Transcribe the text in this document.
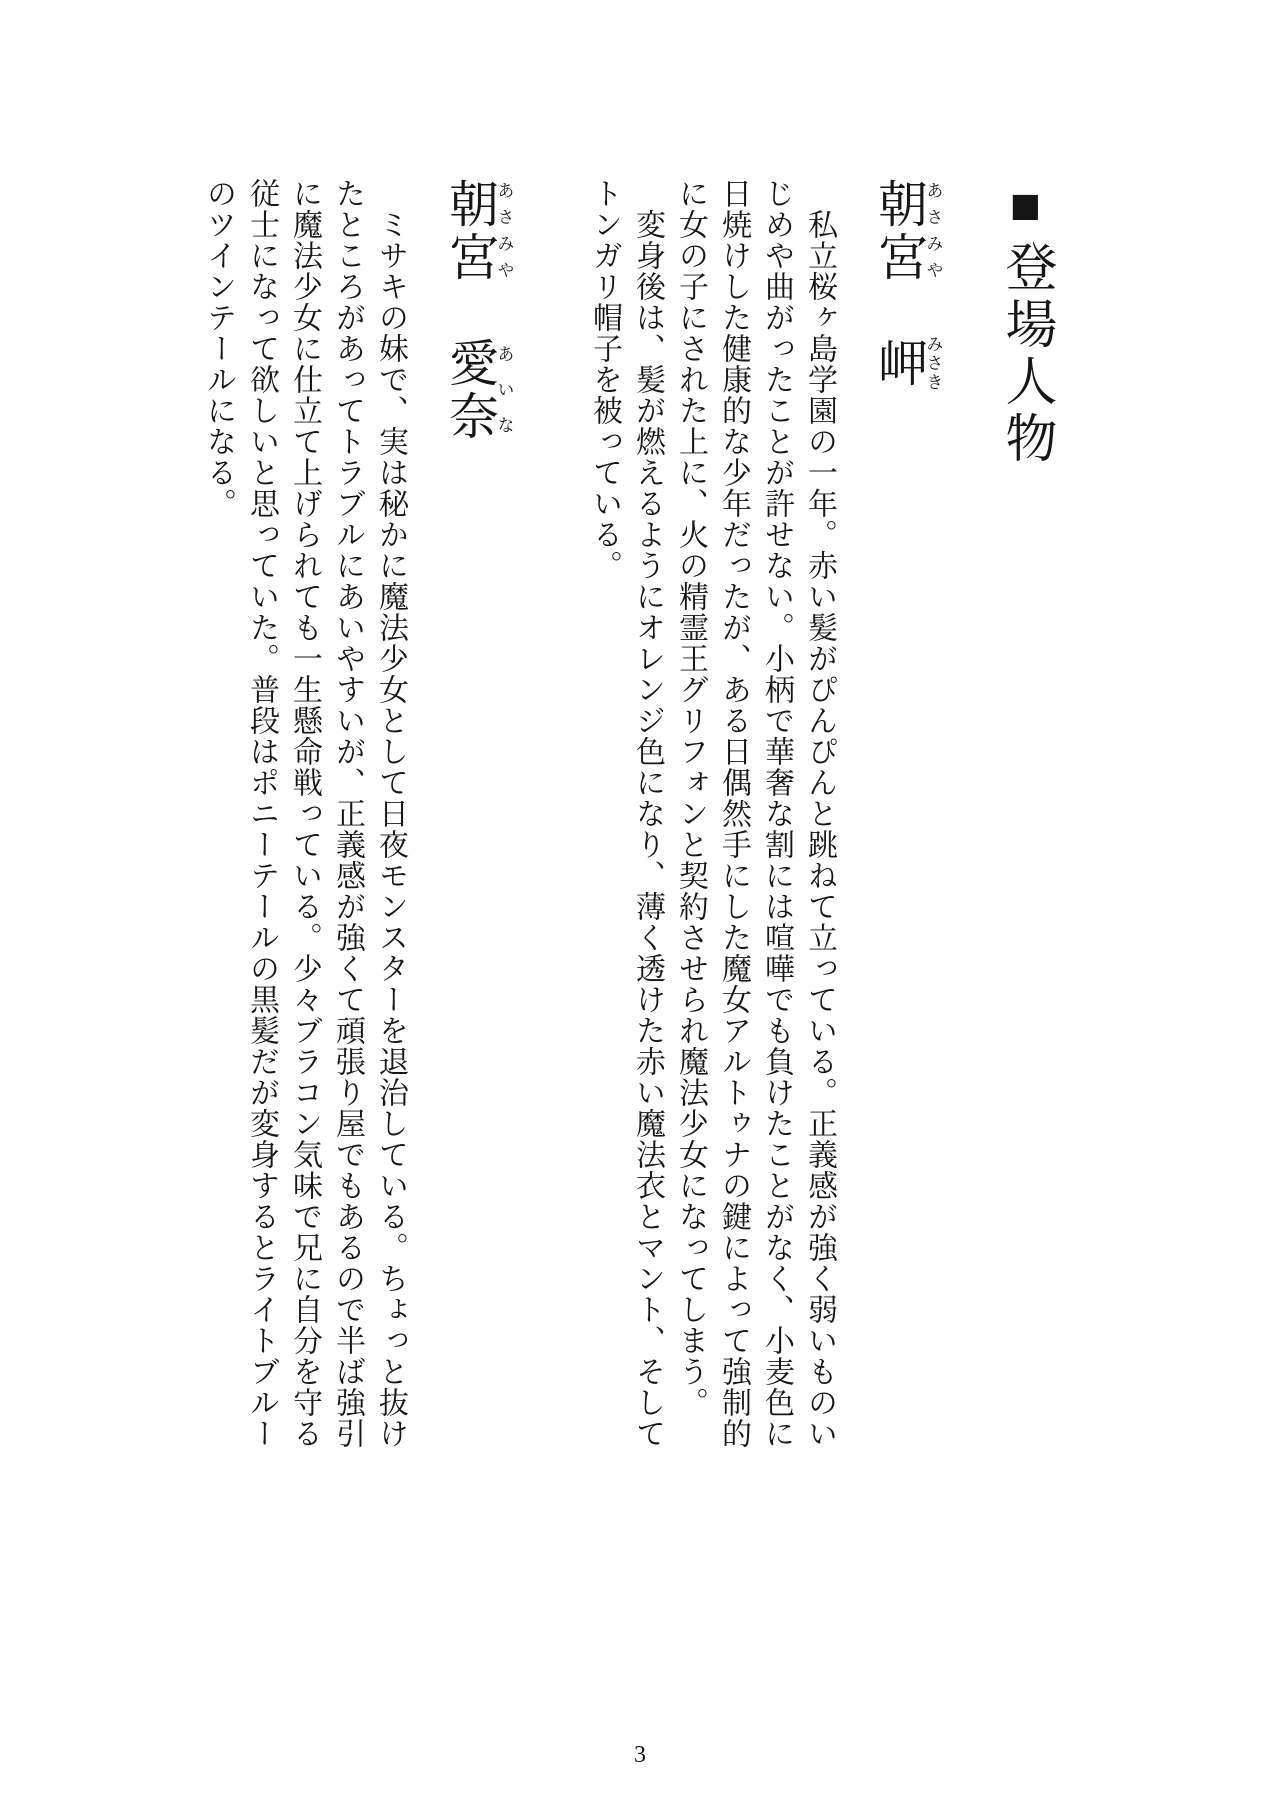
■登場人物
朝宮あさみや　岬みさき

私立桜ヶ島学園の一年。赤い髪がぴんぴんと跳ねて立っている。正義感が強く弱いものいじめや曲がったことが許せない。小柄で華奢な割には喧嘩でも負けたことがなく、小麦色に日焼けした健康的な少年だったが、ある日偶然手にした魔女アルトゥナの鍵によって強制的に女の子にされた上に、火の精霊王グリフォンと契約させられ魔法少女になってしまう。

変身後は、髪が燃えるようにオレンジ色になり、薄く透けた赤い魔法衣とマント、そしてトンガリ帽子を被っている。

朝宮あさみや　愛奈あいな

ミサキの妹で、実は秘かに魔法少女として日夜モンスターを退治している。ちょっと抜けたところがあってトラブルにあいやすいが、正義感が強くて頑張り屋でもあるので半ば強引に魔法少女に仕立て上げられても一生懸命戦っている。少々ブラコン気味で兄に自分を守る従士になって欲しいと思っていた。普段はポニーテールの黒髪だが変身するとライトブルーのツインテールになる。

3
